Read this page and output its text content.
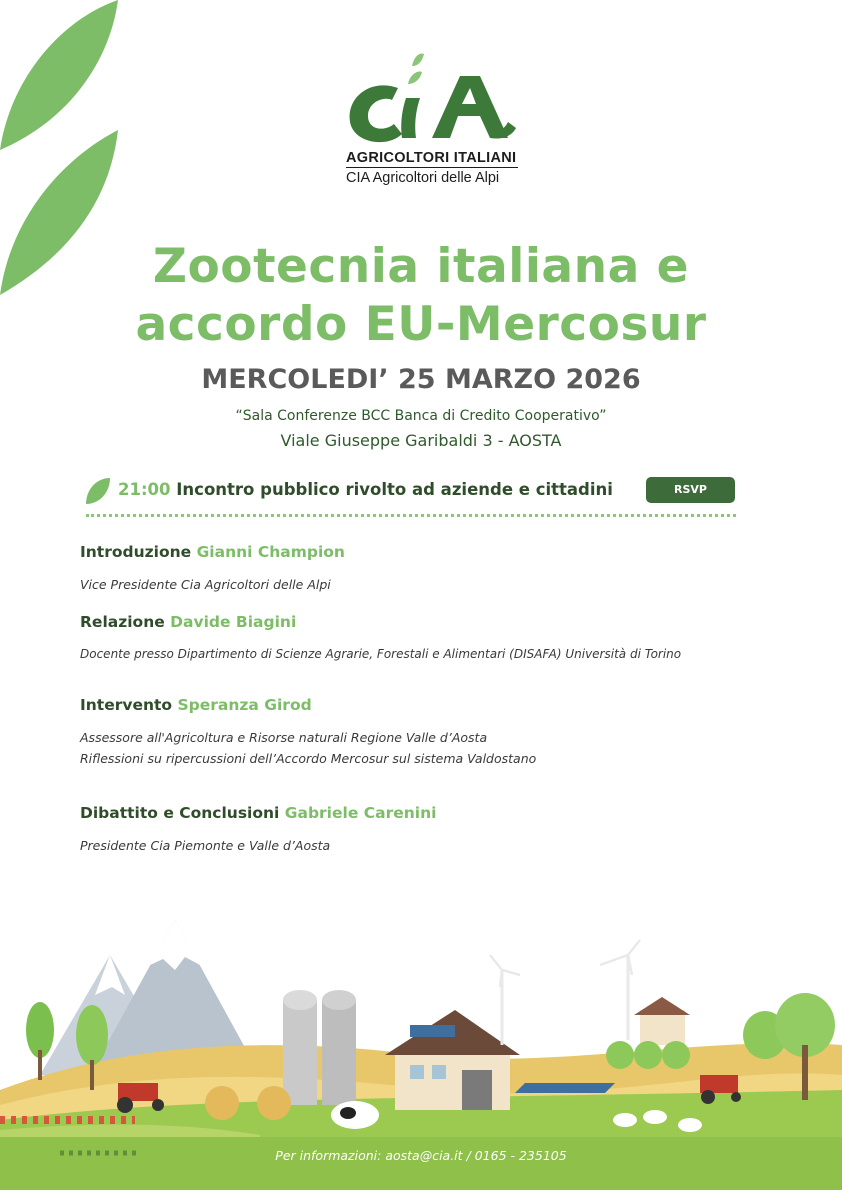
AGRICOLTORI ITALIANI
CIA Agricoltori delle Alpi
Zootecnia italiana e
accordo EU-Mercosur
MERCOLEDI’ 25 MARZO 2026
“Sala Conferenze BCC Banca di Credito Cooperativo”
Viale Giuseppe Garibaldi 3 - AOSTA
21:00 Incontro pubblico rivolto ad aziende e cittadini	RSVP
Introduzione Gianni Champion
Vice Presidente Cia Agricoltori delle Alpi
Relazione Davide Biagini
Docente presso Dipartimento di Scienze Agrarie, Forestali e Alimentari (DISAFA) Università di Torino
Intervento Speranza Girod
Assessore all'Agricoltura e Risorse naturali Regione Valle d’Aosta
Riflessioni su ripercussioni dell’Accordo Mercosur sul sistema Valdostano
Dibattito e Conclusioni Gabriele Carenini
Presidente Cia Piemonte e Valle d’Aosta
Per informazioni: aosta@cia.it / 0165 - 235105
